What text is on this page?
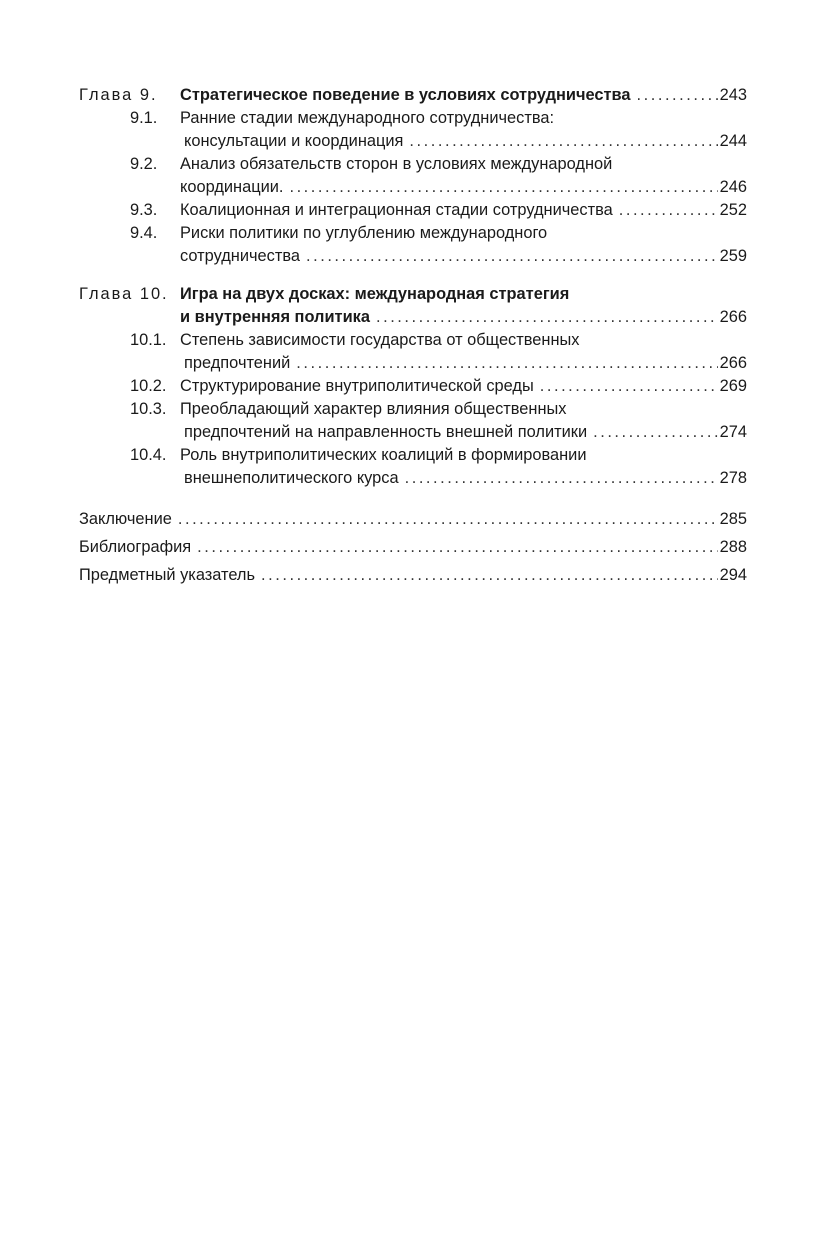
Глава 9.	Стратегическое поведение в условиях сотрудничества . . .	243
9.1.	Ранние стадии международного сотрудничества:
консультации и координация . . .	244
9.2.	Анализ обязательств сторон в условиях международной
координации. . . .	246
9.3.	Коалиционная и интеграционная стадии сотрудничества . . .	252
9.4.	Риски политики по углублению международного
сотрудничества . . .	259
Глава 10. Игра на двух досках: международная стратегия
и внутренняя политика . . .	266
10.1. Степень зависимости государства от общественных
предпочтений . . .	266
10.2. Структурирование внутриполитической среды . . .	269
10.3. Преобладающий характер влияния общественных
предпочтений на направленность внешней политики . . .	274
10.4. Роль внутриполитических коалиций в формировании
внешнеполитического курса . . .	278
Заключение . . .	285
Библиография . . .	288
Предметный указатель . . .	294
